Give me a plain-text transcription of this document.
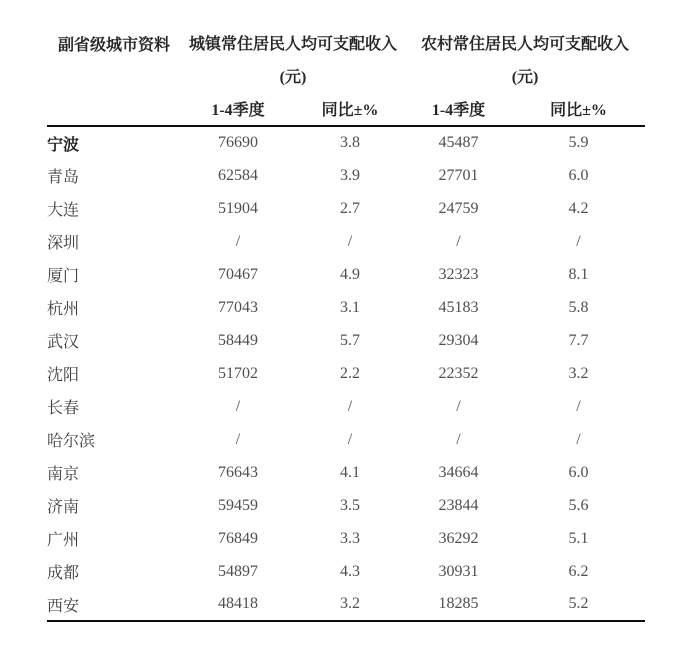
副省级城市资料	城镇常住居民人均可支配收入		农村常住居民人均可支配收入	
	(元)		(元)	
	1-4季度	同比±%	1-4季度	同比±%
宁波	76690	3.8	45487	5.9
青岛	62584	3.9	27701	6.0
大连	51904	2.7	24759	4.2
深圳	/	/	/	/
厦门	70467	4.9	32323	8.1
杭州	77043	3.1	45183	5.8
武汉	58449	5.7	29304	7.7
沈阳	51702	2.2	22352	3.2
长春	/	/	/	/
哈尔滨	/	/	/	/
南京	76643	4.1	34664	6.0
济南	59459	3.5	23844	5.6
广州	76849	3.3	36292	5.1
成都	54897	4.3	30931	6.2
西安	48418	3.2	18285	5.2
